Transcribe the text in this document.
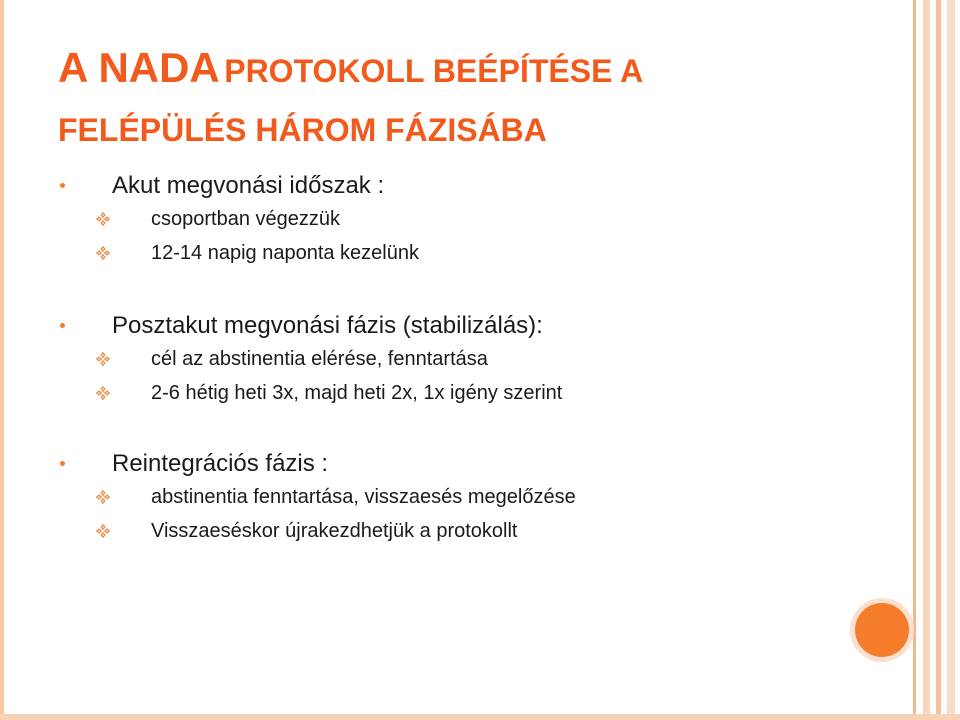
A NADA PROTOKOLL BEÉPÍTÉSE A
FELÉPÜLÉS HÁROM FÁZISÁBA
Akut megvonási időszak :
csoportban végezzük
12-14 napig naponta kezelünk
Posztakut megvonási fázis (stabilizálás):
cél az abstinentia elérése, fenntartása
2-6 hétig heti 3x, majd heti 2x, 1x igény szerint
Reintegrációs fázis :
abstinentia fenntartása, visszaesés megelőzése
Visszaeséskor újrakezdhetjük a protokollt
